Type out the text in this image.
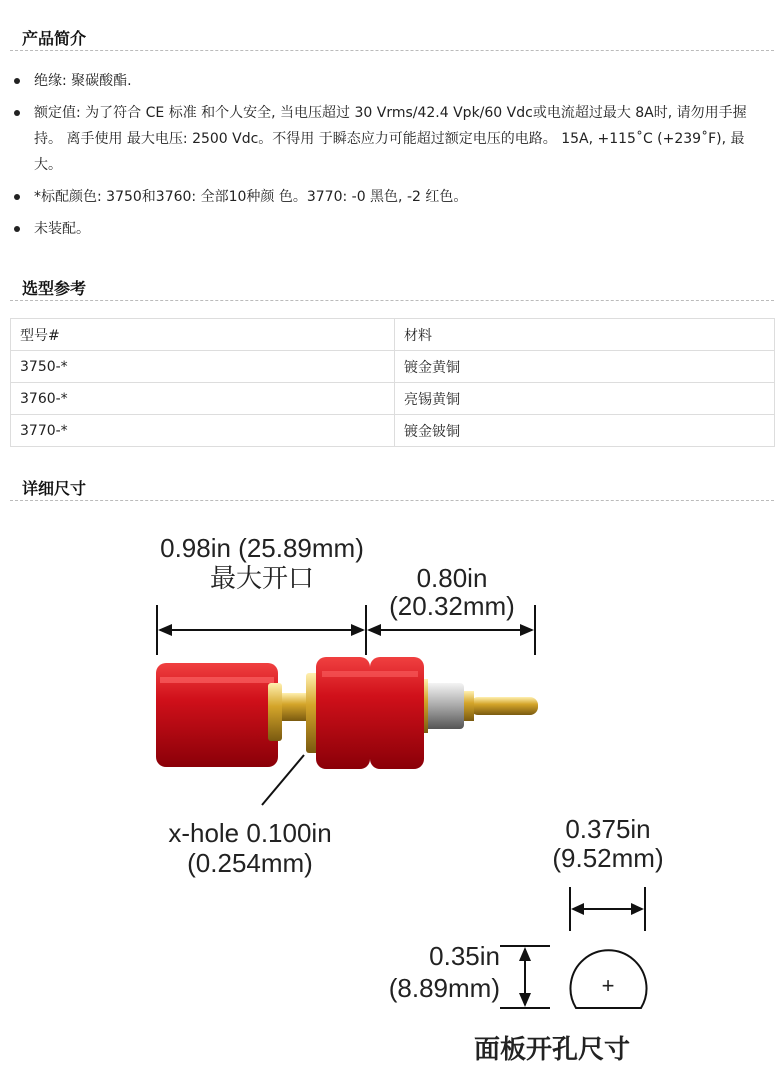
产品简介
绝缘: 聚碳酸酯.
额定值: 为了符合 CE 标准 和个人安全, 当电压超过 30 Vrms/42.4 Vpk/60 Vdc或电流超过最大 8A时, 请勿用手握持。 离手使用 最大电压: 2500 Vdc。不得用 于瞬态应力可能超过额定电压的电路。 15A, +115˚C (+239˚F), 最大。
*标配颜色: 3750和3760: 全部10种颜 色。3770: -0 黑色, -2 红色。
未装配。
选型参考
型号#	材料
3750-*	镀金黄铜
3760-*	亮锡黄铜
3770-*	镀金铍铜
详细尺寸
0.98in (25.89mm)
最大开口	0.80in
(20.32mm)
x-hole 0.100in
(0.254mm)
0.375in
(9.52mm)
0.35in
(8.89mm)	+
面板开孔尺寸
